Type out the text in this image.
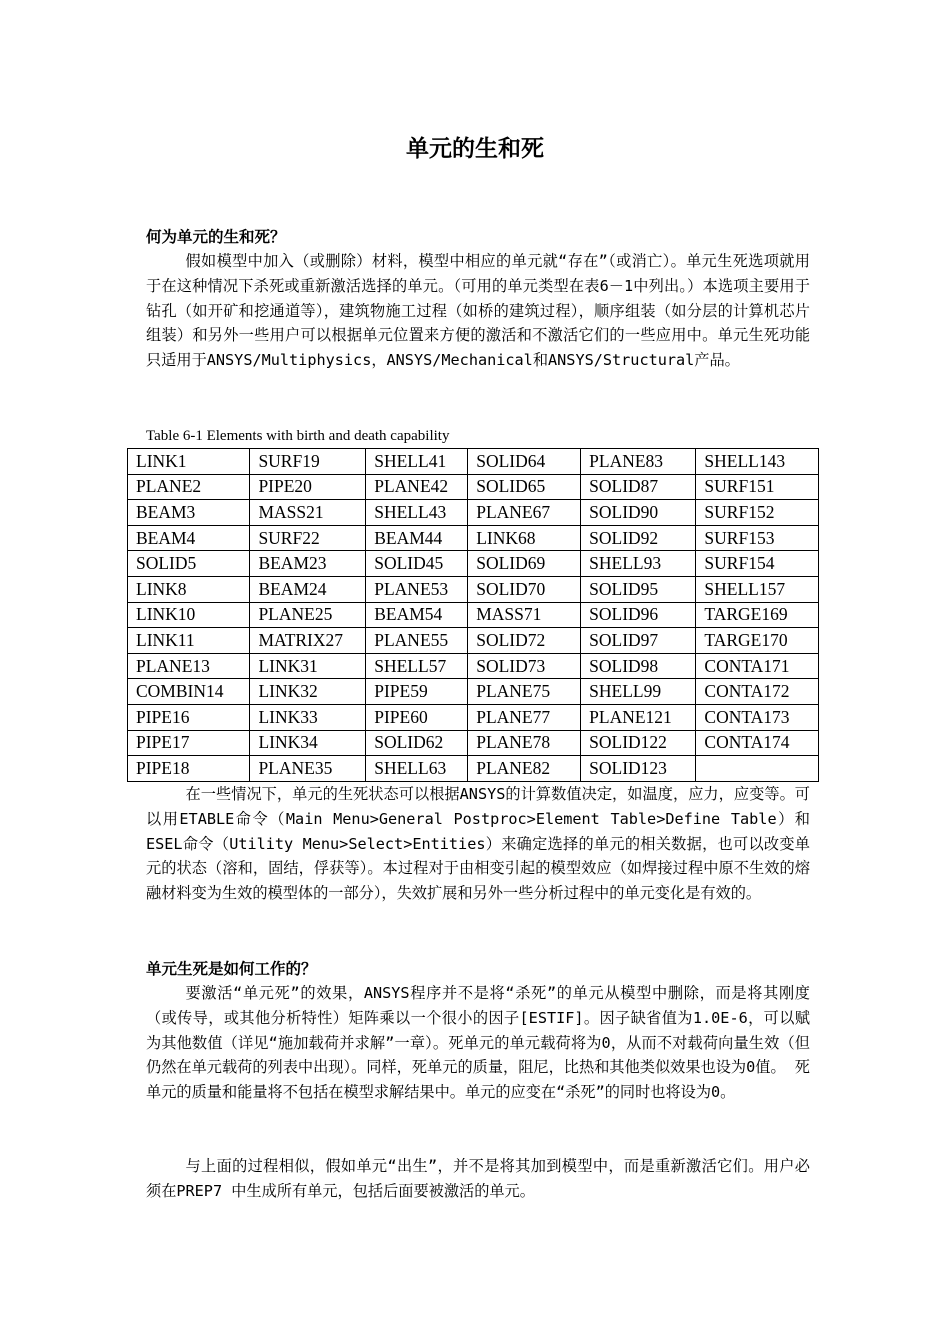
单元的生和死
何为单元的生和死？

假如模型中加入（或删除）材料，模型中相应的单元就“存在”（或消亡）。单元生死选项就用于在这种情况下杀死或重新激活选择的单元。（可用的单元类型在表6－1中列出。）本选项主要用于钻孔（如开矿和挖通道等），建筑物施工过程（如桥的建筑过程），顺序组装（如分层的计算机芯片组装）和另外一些用户可以根据单元位置来方便的激活和不激活它们的一些应用中。单元生死功能只适用于ANSYS/Multiphysics，ANSYS/Mechanical和ANSYS/Structural产品。

Table 6-1 Elements with birth and death capability
LINK1	SURF19	SHELL41	SOLID64	PLANE83	SHELL143
PLANE2	PIPE20	PLANE42	SOLID65	SOLID87	SURF151
BEAM3	MASS21	SHELL43	PLANE67	SOLID90	SURF152
BEAM4	SURF22	BEAM44	LINK68	SOLID92	SURF153
SOLID5	BEAM23	SOLID45	SOLID69	SHELL93	SURF154
LINK8	BEAM24	PLANE53	SOLID70	SOLID95	SHELL157
LINK10	PLANE25	BEAM54	MASS71	SOLID96	TARGE169
LINK11	MATRIX27	PLANE55	SOLID72	SOLID97	TARGE170
PLANE13	LINK31	SHELL57	SOLID73	SOLID98	CONTA171
COMBIN14	LINK32	PIPE59	PLANE75	SHELL99	CONTA172
PIPE16	LINK33	PIPE60	PLANE77	PLANE121	CONTA173
PIPE17	LINK34	SOLID62	PLANE78	SOLID122	CONTA174
PIPE18	PLANE35	SHELL63	PLANE82	SOLID123	

在一些情况下，单元的生死状态可以根据ANSYS的计算数值决定，如温度，应力，应变等。可以用ETABLE命令（Main Menu>General Postproc>Element Table>Define Table）和ESEL命令（Utility Menu>Select>Entities）来确定选择的单元的相关数据，也可以改变单元的状态（溶和，固结，俘获等）。本过程对于由相变引起的模型效应（如焊接过程中原不生效的熔融材料变为生效的模型体的一部分），失效扩展和另外一些分析过程中的单元变化是有效的。

单元生死是如何工作的？

要激活“单元死”的效果，ANSYS程序并不是将“杀死”的单元从模型中删除，而是将其刚度（或传导，或其他分析特性）矩阵乘以一个很小的因子[ESTIF]。因子缺省值为1.0E-6，可以赋为其他数值（详见“施加载荷并求解”一章）。死单元的单元载荷将为0，从而不对载荷向量生效（但仍然在单元载荷的列表中出现）。同样，死单元的质量，阻尼，比热和其他类似效果也设为0值。 死单元的质量和能量将不包括在模型求解结果中。单元的应变在“杀死”的同时也将设为0。

与上面的过程相似，假如单元“出生”，并不是将其加到模型中，而是重新激活它们。用户必须在PREP7 中生成所有单元，包括后面要被激活的单元。
